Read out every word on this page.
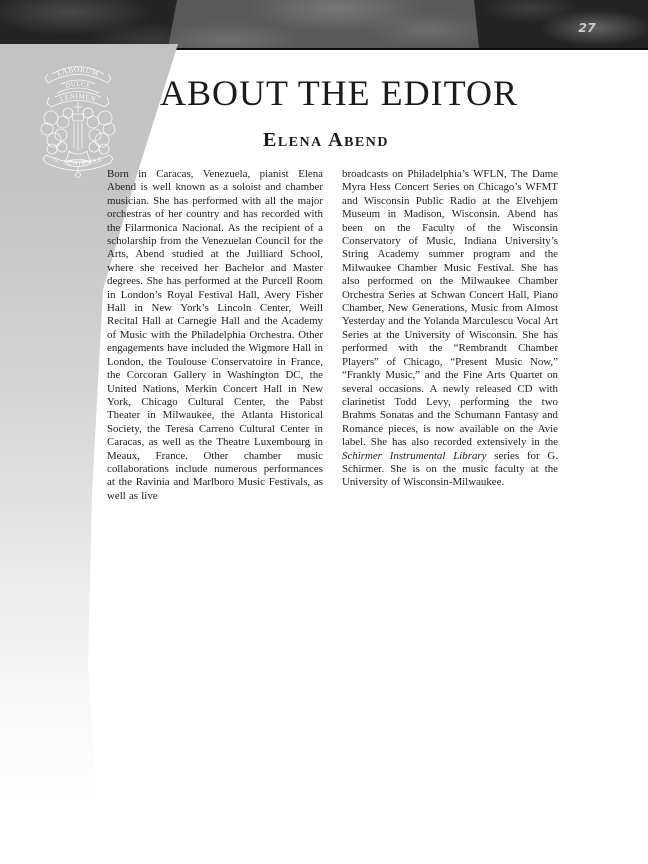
27
LABORUM
DULCE
LENIMEN
G. SCHIRMER
ABOUT THE EDITOR
Elena Abend
Born in Caracas, Venezuela, pianist Elena Abend is well known as a soloist and chamber musician. She has performed with all the major orchestras of her country and has recorded with the Filarmonica Nacional. As the recipient of a scholarship from the Venezuelan Council for the Arts, Abend studied at the Juilliard School, where she received her Bachelor and Master degrees. She has performed at the Purcell Room in London’s Royal Festival Hall, Avery Fisher Hall in New York’s Lincoln Center, Weill Recital Hall at Carnegie Hall and the Academy of Music with the Philadelphia Orchestra. Other engagements have included the Wigmore Hall in London, the Toulouse Conservatoire in France, the Corcoran Gallery in Washington DC, the United Nations, Merkin Concert Hall in New York, Chicago Cultural Center, the Pabst Theater in Milwaukee, the Atlanta Historical Society, the Teresa Carreno Cultural Center in Caracas, as well as the Theatre Luxembourg in Meaux, France. Other chamber music collaborations include numerous performances at the Ravinia and Marlboro Music Festivals, as well as live
broadcasts on Philadelphia’s WFLN, The Dame Myra Hess Concert Series on Chicago’s WFMT and Wisconsin Public Radio at the Elvehjem Museum in Madison, Wisconsin. Abend has been on the Faculty of the Wisconsin Conservatory of Music, Indiana University’s String Academy summer program and the Milwaukee Chamber Music Festival. She has also performed on the Milwaukee Chamber Orchestra Series at Schwan Concert Hall, Piano Chamber, New Generations, Music from Almost Yesterday and the Yolanda Marculescu Vocal Art Series at the University of Wisconsin. She has performed with the “Rembrandt Chamber Players” of Chicago, “Present Music Now,” “Frankly Music,” and the Fine Arts Quartet on several occasions. A newly released CD with clarinetist Todd Levy, performing the two Brahms Sonatas and the Schumann Fantasy and Romance pieces, is now available on the Avie label. She has also recorded extensively in the Schirmer Instrumental Library series for G. Schirmer. She is on the music faculty at the University of Wisconsin-Milwaukee.
